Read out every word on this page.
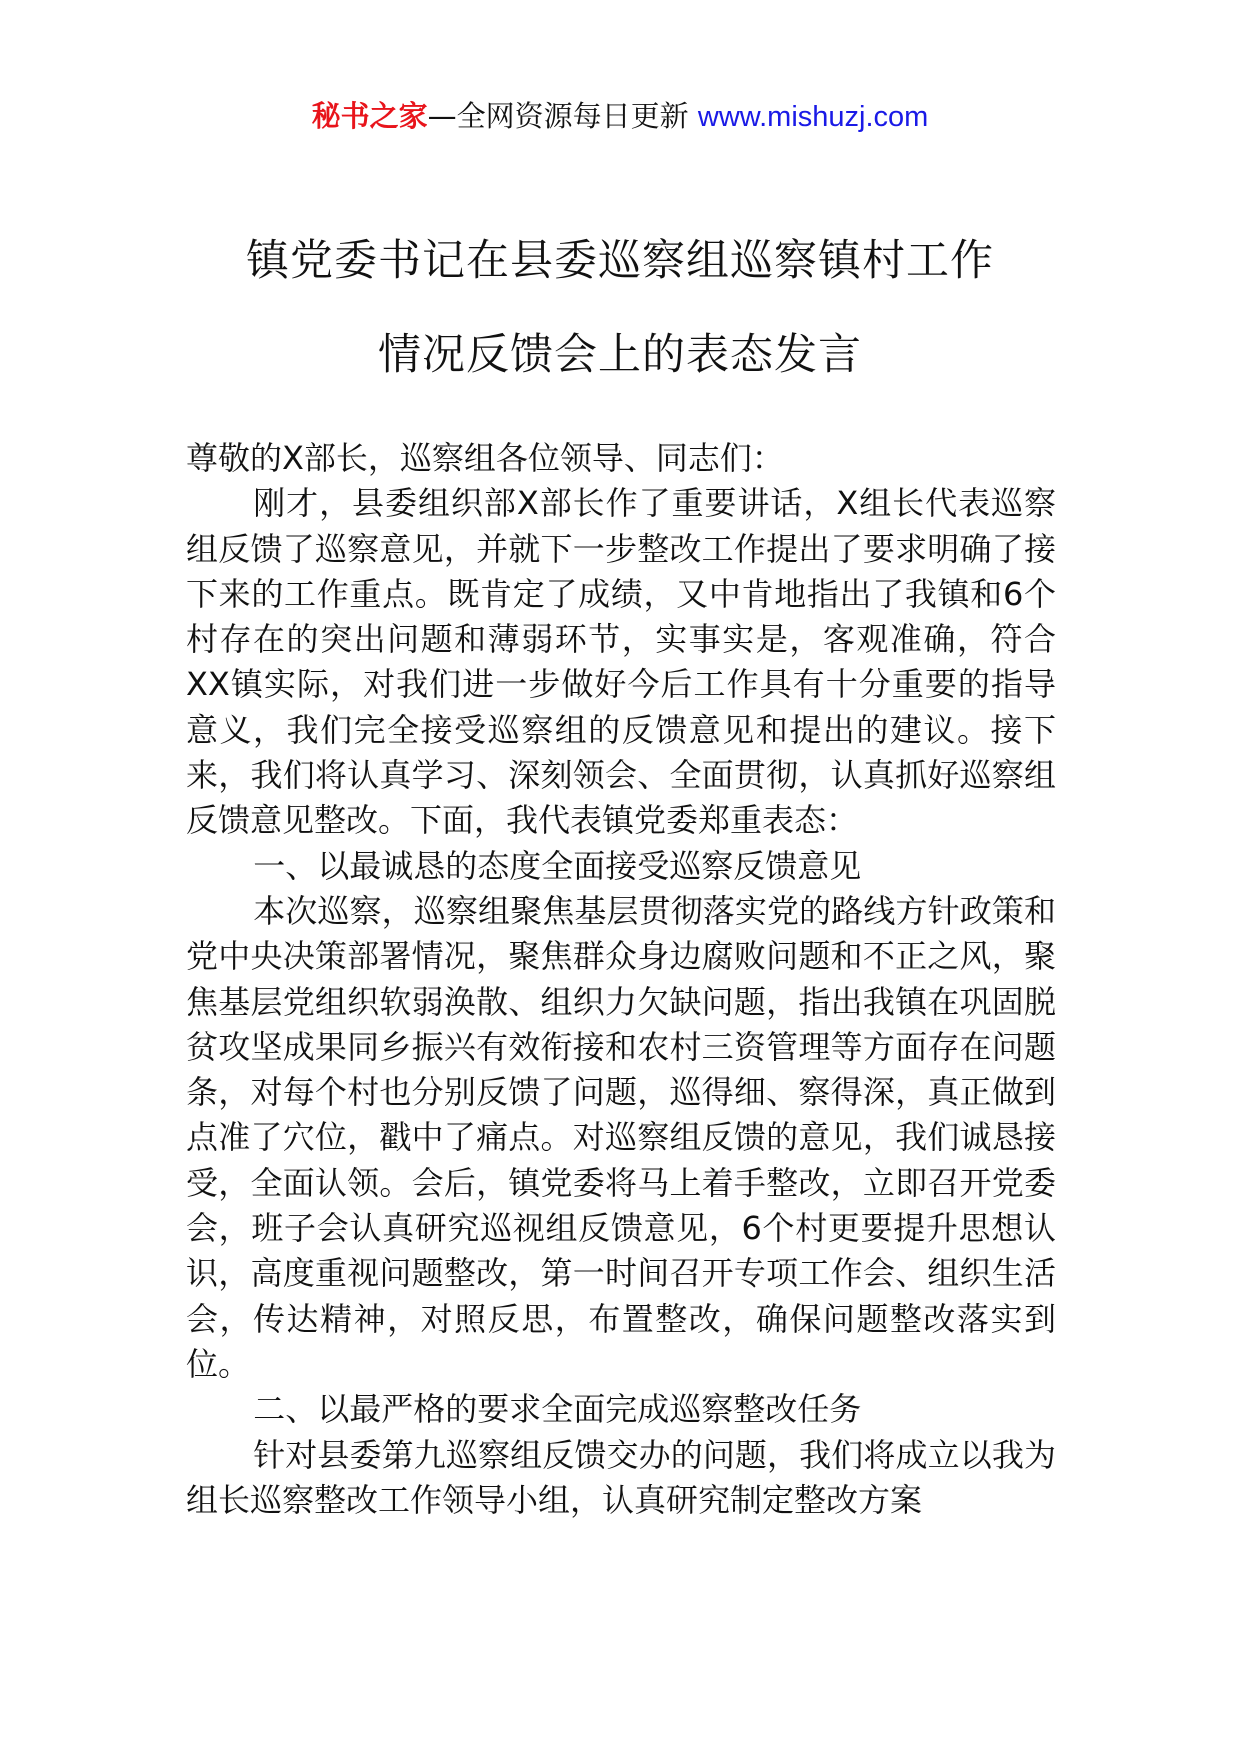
秘书之家—全网资源每日更新 www.mishuzj.com
镇党委书记在县委巡察组巡察镇村工作
情况反馈会上的表态发言

尊敬的X部长，巡察组各位领导、同志们：

刚才，县委组织部X部长作了重要讲话，X组长代表巡察组反馈了巡察意见，并就下一步整改工作提出了要求明确了接下来的工作重点。既肯定了成绩，又中肯地指出了我镇和6个村存在的突出问题和薄弱环节，实事实是，客观准确，符合XX镇实际，对我们进一步做好今后工作具有十分重要的指导意义，我们完全接受巡察组的反馈意见和提出的建议。接下来，我们将认真学习、深刻领会、全面贯彻，认真抓好巡察组反馈意见整改。下面，我代表镇党委郑重表态：

一、以最诚恳的态度全面接受巡察反馈意见

本次巡察，巡察组聚焦基层贯彻落实党的路线方针政策和党中央决策部署情况，聚焦群众身边腐败问题和不正之风，聚焦基层党组织软弱涣散、组织力欠缺问题，指出我镇在巩固脱贫攻坚成果同乡振兴有效衔接和农村三资管理等方面存在问题条，对每个村也分别反馈了问题，巡得细、察得深，真正做到点准了穴位，戳中了痛点。对巡察组反馈的意见，我们诚恳接受，全面认领。会后，镇党委将马上着手整改，立即召开党委会，班子会认真研究巡视组反馈意见，6个村更要提升思想认识，高度重视问题整改，第一时间召开专项工作会、组织生活会，传达精神，对照反思，布置整改，确保问题整改落实到位。

二、以最严格的要求全面完成巡察整改任务

针对县委第九巡察组反馈交办的问题，我们将成立以我为组长巡察整改工作领导小组，认真研究制定整改方案
